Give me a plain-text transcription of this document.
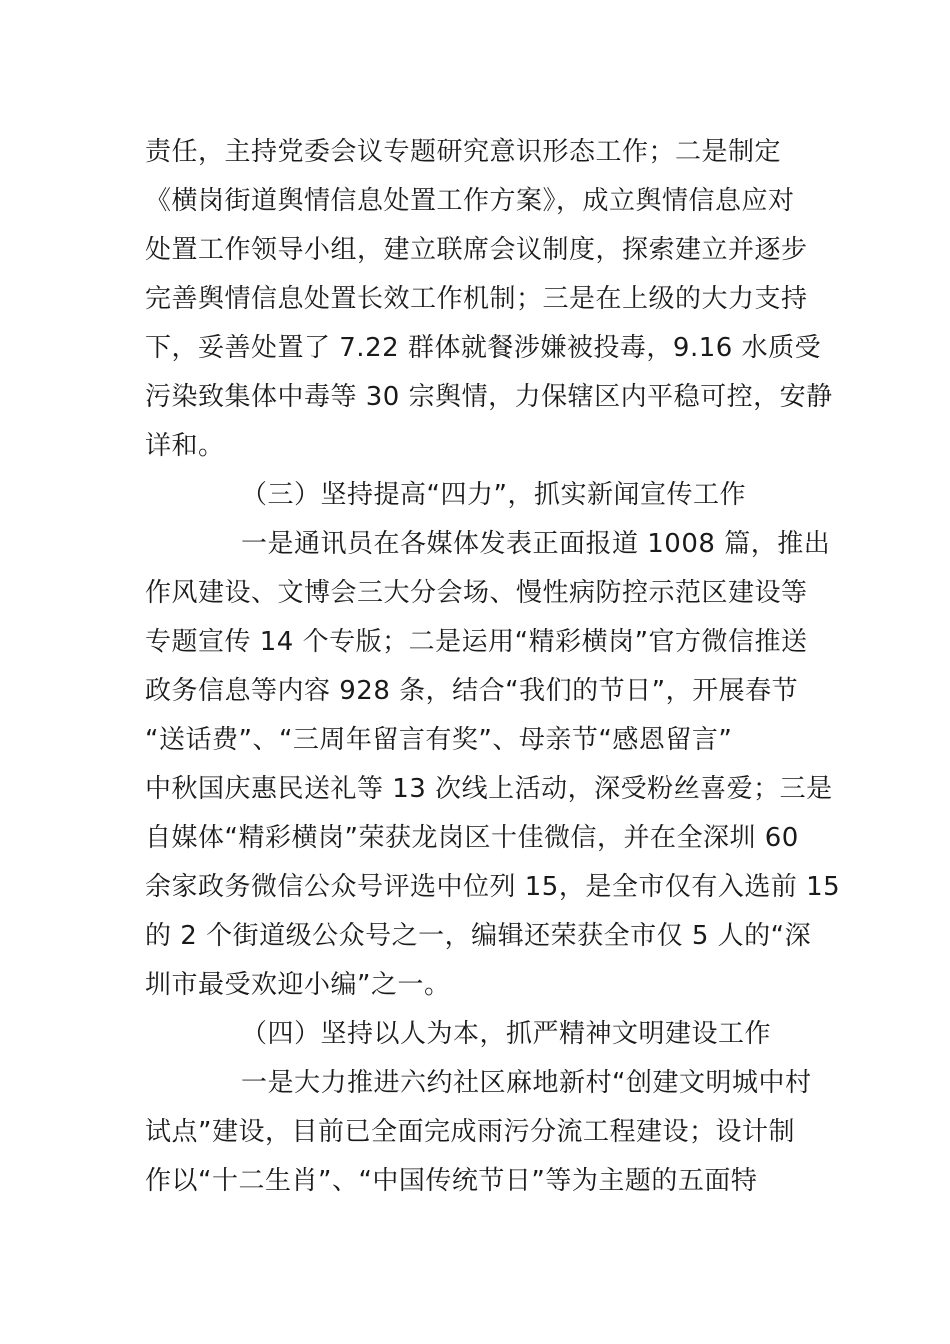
责任，主持党委会议专题研究意识形态工作；二是制定
《横岗街道舆情信息处置工作方案》，成立舆情信息应对
处置工作领导小组，建立联席会议制度，探索建立并逐步
完善舆情信息处置长效工作机制；三是在上级的大力支持
下，妥善处置了 7.22 群体就餐涉嫌被投毒，9.16 水质受
污染致集体中毒等 30 宗舆情，力保辖区内平稳可控，安静
详和。
（三）坚持提高“四力”，抓实新闻宣传工作
一是通讯员在各媒体发表正面报道 1008 篇，推出
作风建设、文博会三大分会场、慢性病防控示范区建设等
专题宣传 14 个专版；二是运用“精彩横岗”官方微信推送
政务信息等内容 928 条，结合“我们的节日”，开展春节
“送话费”、“三周年留言有奖”、母亲节“感恩留言”
中秋国庆惠民送礼等 13 次线上活动，深受粉丝喜爱；三是
自媒体“精彩横岗”荣获龙岗区十佳微信，并在全深圳 60
余家政务微信公众号评选中位列 15，是全市仅有入选前 15
的 2 个街道级公众号之一，编辑还荣获全市仅 5 人的“深
圳市最受欢迎小编”之一。
（四）坚持以人为本，抓严精神文明建设工作
一是大力推进六约社区麻地新村“创建文明城中村
试点”建设，目前已全面完成雨污分流工程建设；设计制
作以“十二生肖”、“中国传统节日”等为主题的五面特
